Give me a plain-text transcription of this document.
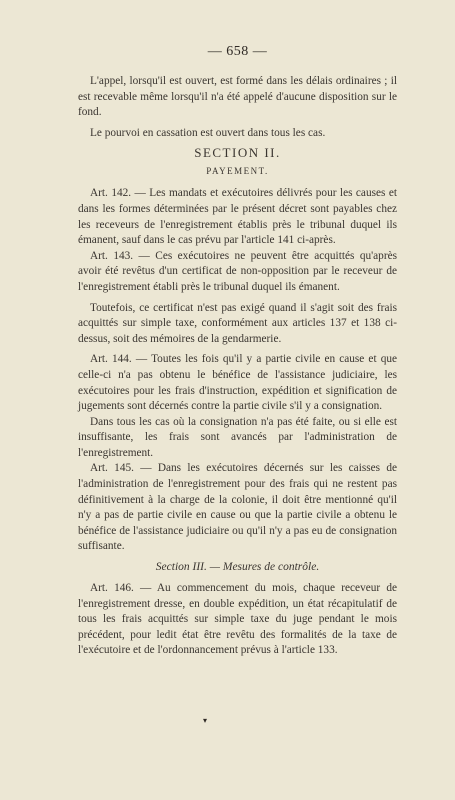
— 658 —

L'appel, lorsqu'il est ouvert, est formé dans les délais ordinaires ; il est recevable même lorsqu'il n'a été appelé d'aucune disposition sur le fond.

Le pourvoi en cassation est ouvert dans tous les cas.

SECTION II.
PAYEMENT.

Art. 142. — Les mandats et exécutoires délivrés pour les causes et dans les formes déterminées par le présent décret sont payables chez les receveurs de l'enregistrement établis près le tribunal duquel ils émanent, sauf dans le cas prévu par l'article 141 ci-après.

Art. 143. — Ces exécutoires ne peuvent être acquittés qu'après avoir été revêtus d'un certificat de non-opposition par le receveur de l'enregistrement établi près le tribunal duquel ils émanent.

Toutefois, ce certificat n'est pas exigé quand il s'agit soit des frais acquittés sur simple taxe, conformément aux articles 137 et 138 ci-dessus, soit des mémoires de la gendarmerie.

Art. 144. — Toutes les fois qu'il y a partie civile en cause et que celle-ci n'a pas obtenu le bénéfice de l'assistance judiciaire, les exécutoires pour les frais d'instruction, expédition et signification de jugements sont décernés contre la partie civile s'il y a consignation.

Dans tous les cas où la consignation n'a pas été faite, ou si elle est insuffisante, les frais sont avancés par l'administration de l'enregistrement.

Art. 145. — Dans les exécutoires décernés sur les caisses de l'administration de l'enregistrement pour des frais qui ne restent pas définitivement à la charge de la colonie, il doit être mentionné qu'il n'y a pas de partie civile en cause ou que la partie civile a obtenu le bénéfice de l'assistance judiciaire ou qu'il n'y a pas eu de consignation suffisante.

Section III. — Mesures de contrôle.

Art. 146. — Au commencement du mois, chaque receveur de l'enregistrement dresse, en double expédition, un état récapitulatif de tous les frais acquittés sur simple taxe du juge pendant le mois précédent, pour ledit état être revêtu des formalités de la taxe de l'exécutoire et de l'ordonnancement prévus à l'article 133.

▾
